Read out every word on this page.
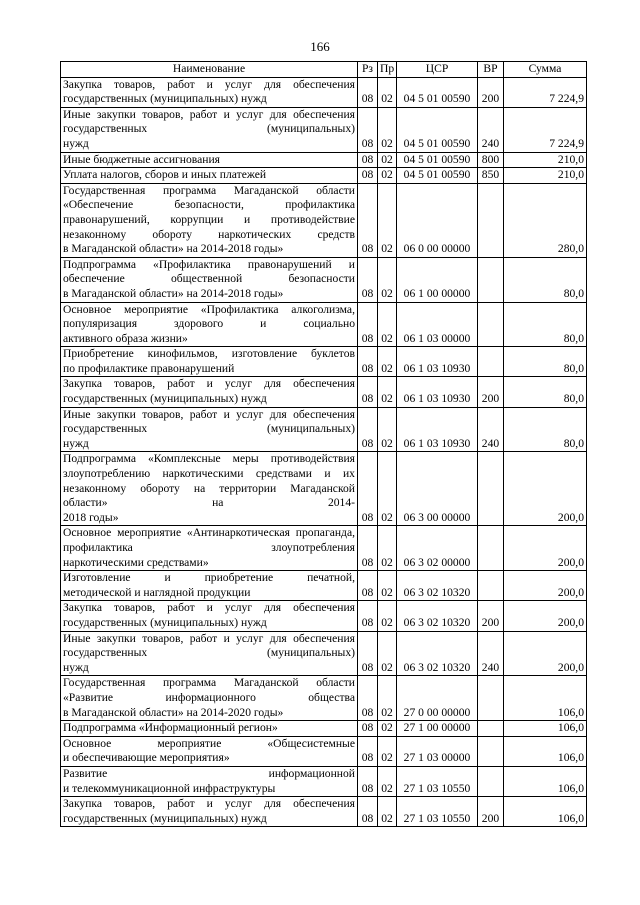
166
Наименование	Рз	Пр	ЦСР	ВР	Сумма
Закупка товаров, работ и услуг для обеспечения
государственных (муниципальных) нужд	08	02	04 5 01 00590	200	7 224,9
Иные закупки товаров, работ и услуг для обеспечения государственных (муниципальных)
нужд	08	02	04 5 01 00590	240	7 224,9

Иные бюджетные ассигнования	08	02	04 5 01 00590	800	210,0

Уплата налогов, сборов и иных платежей	08	02	04 5 01 00590	850	210,0
Государственная программа Магаданской области «Обеспечение безопасности, профилактика правонарушений, коррупции и противодействие незаконному обороту наркотических средств
в Магаданской области» на 2014-2018 годы»	08	02	06 0 00 00000		280,0
Подпрограмма «Профилактика правонарушений и обеспечение общественной безопасности
в Магаданской области» на 2014-2018 годы»	08	02	06 1 00 00000		80,0
Основное мероприятие «Профилактика алкоголизма, популяризация здорового и социально
активного образа жизни»	08	02	06 1 03 00000		80,0
Приобретение кинофильмов, изготовление буклетов
по профилактике правонарушений	08	02	06 1 03 10930		80,0
Закупка товаров, работ и услуг для обеспечения
государственных (муниципальных) нужд	08	02	06 1 03 10930	200	80,0
Иные закупки товаров, работ и услуг для обеспечения государственных (муниципальных)
нужд	08	02	06 1 03 10930	240	80,0
Подпрограмма «Комплексные меры противодействия злоупотреблению наркотическими средствами и их незаконному обороту на территории Магаданской области» на 2014-
2018 годы»	08	02	06 3 00 00000		200,0
Основное мероприятие «Антинаркотическая пропаганда, профилактика злоупотребления
наркотическими средствами»	08	02	06 3 02 00000		200,0
Изготовление и приобретение печатной,
методической и наглядной продукции	08	02	06 3 02 10320		200,0
Закупка товаров, работ и услуг для обеспечения
государственных (муниципальных) нужд	08	02	06 3 02 10320	200	200,0
Иные закупки товаров, работ и услуг для обеспечения государственных (муниципальных)
нужд	08	02	06 3 02 10320	240	200,0
Государственная программа Магаданской области «Развитие информационного общества
в Магаданской области» на 2014-2020 годы»	08	02	27 0 00 00000		106,0

Подпрограмма «Информационный регион»	08	02	27 1 00 00000		106,0
Основное мероприятие «Общесистемные
и обеспечивающие мероприятия»	08	02	27 1 03 00000		106,0
Развитие информационной
и телекоммуникационной инфраструктуры	08	02	27 1 03 10550		106,0
Закупка товаров, работ и услуг для обеспечения
государственных (муниципальных) нужд	08	02	27 1 03 10550	200	106,0
